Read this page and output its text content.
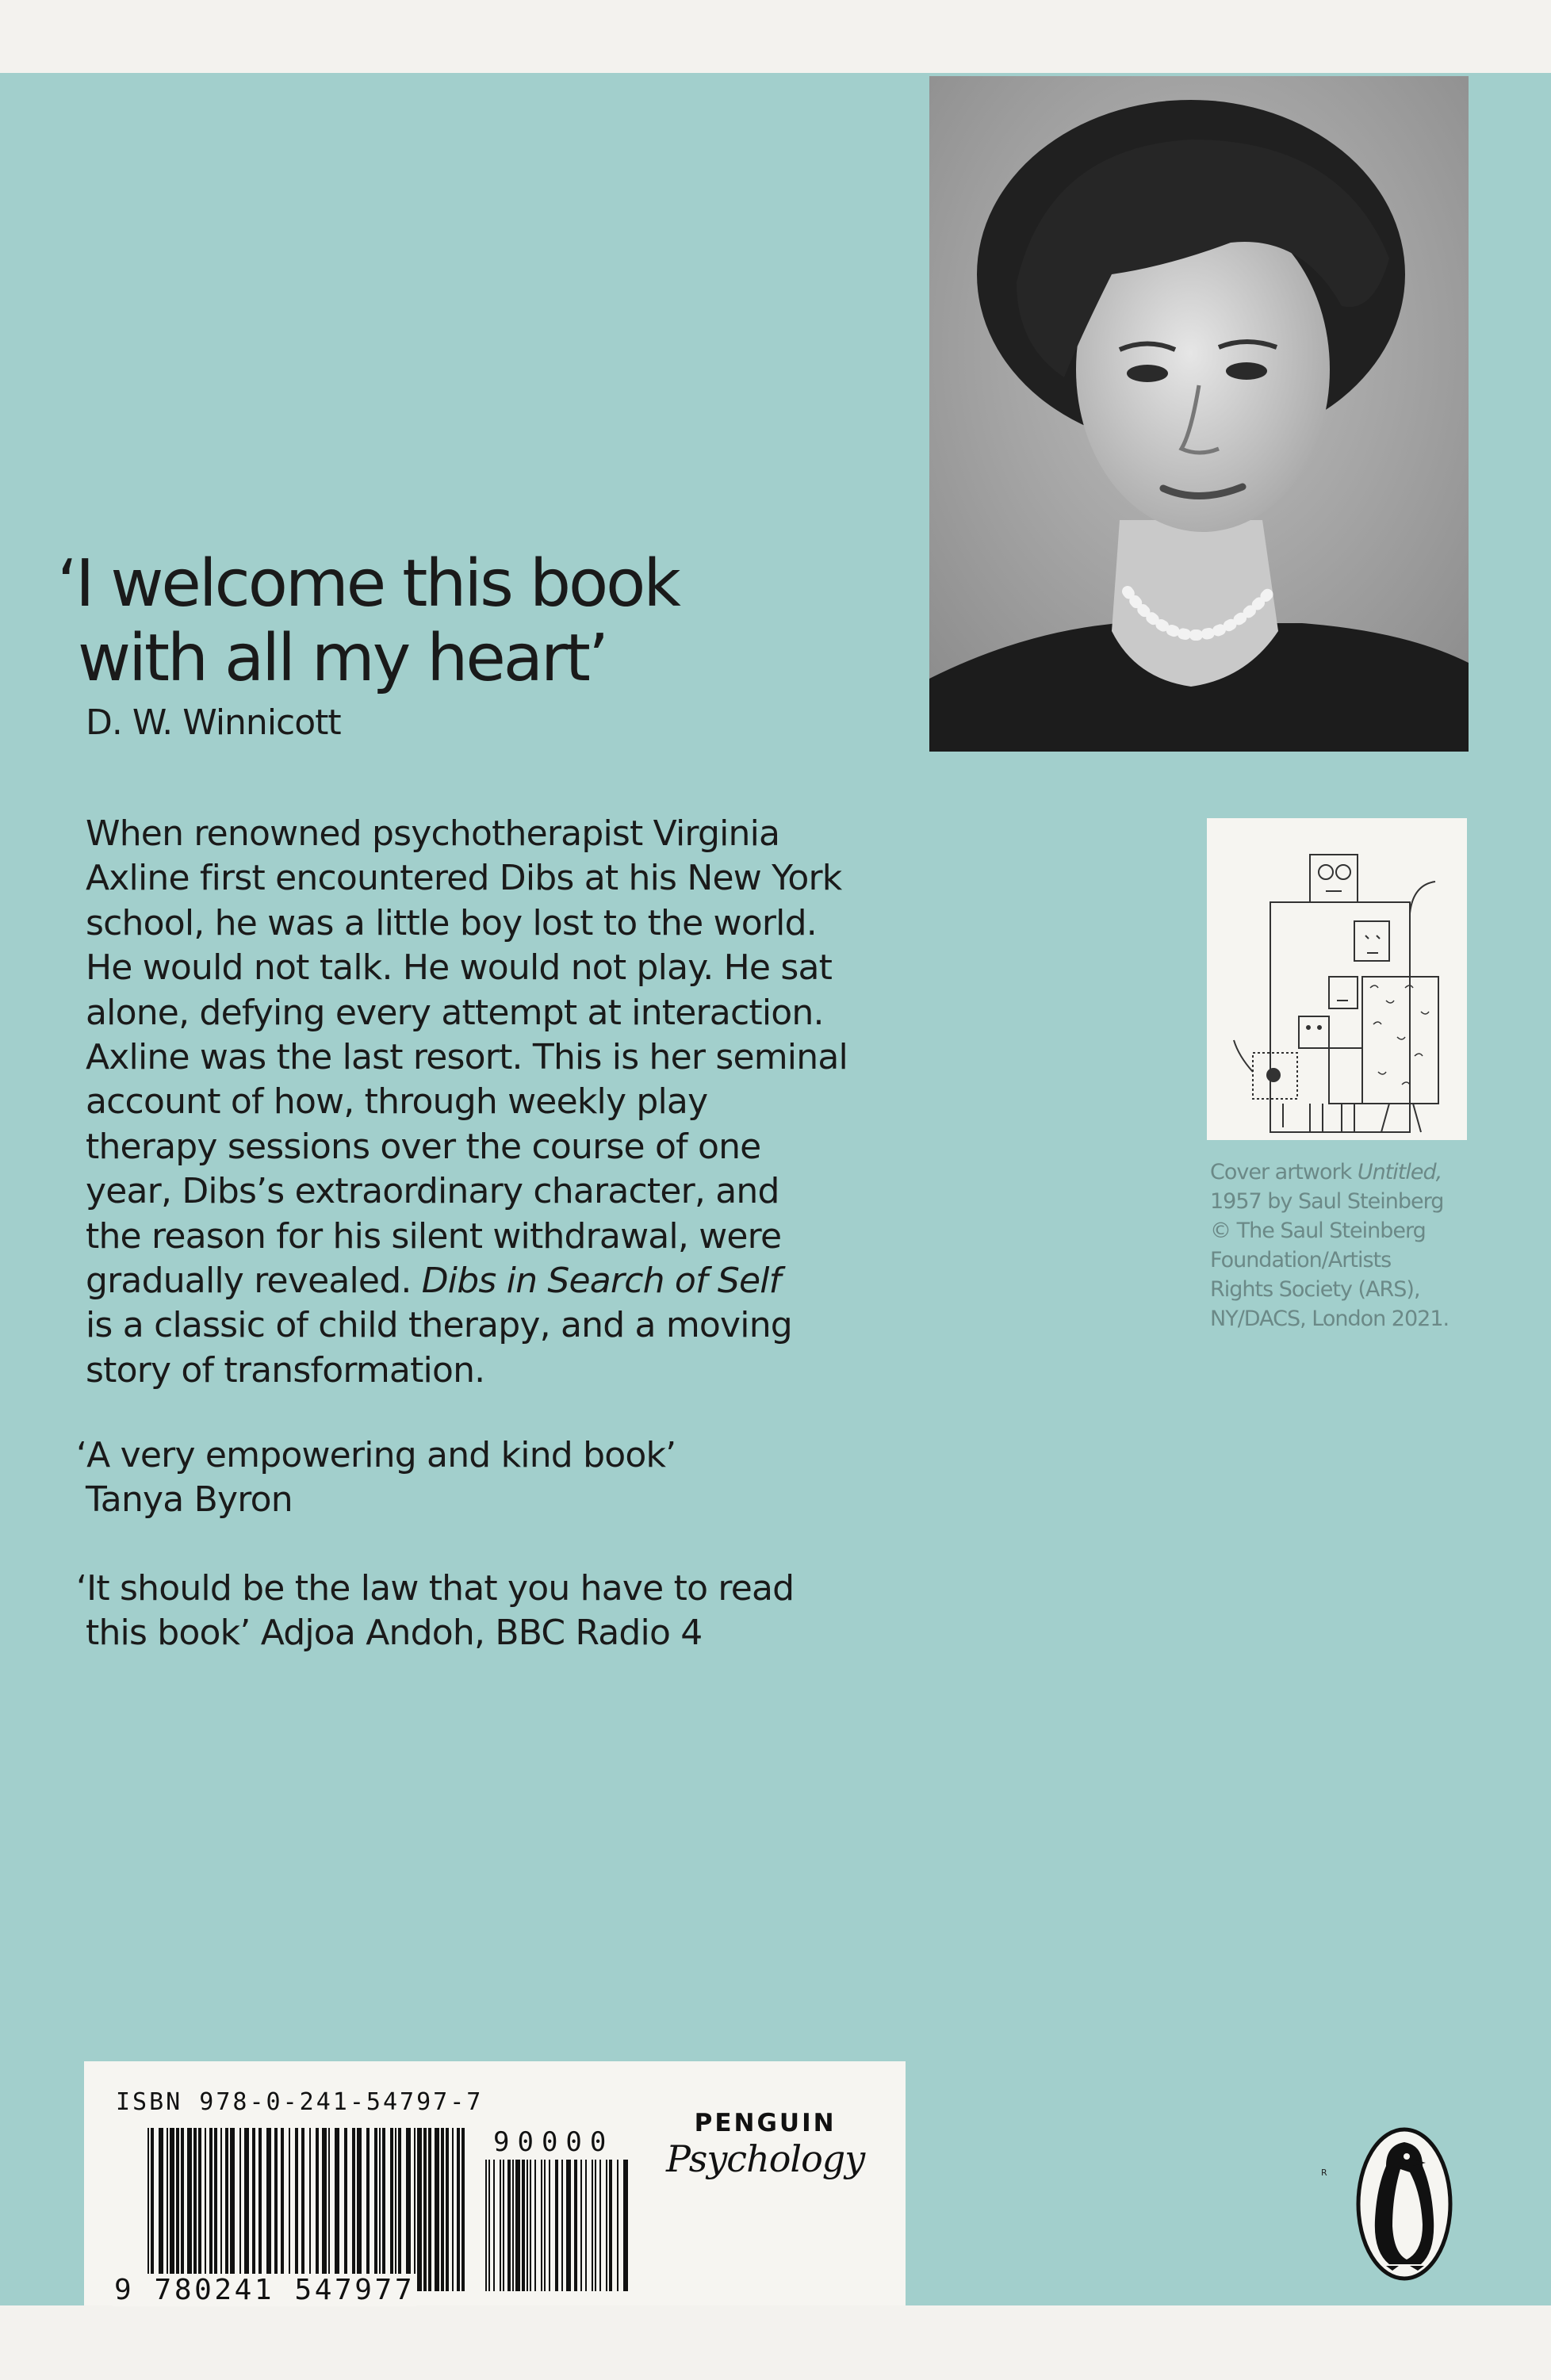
‘I welcome this book
with all my heart’
D. W. Winnicott

When renowned psychotherapist Virginia
Axline first encountered Dibs at his New York
school, he was a little boy lost to the world.
He would not talk. He would not play. He sat
alone, defying every attempt at interaction.
Axline was the last resort. This is her seminal
account of how, through weekly play
therapy sessions over the course of one
year, Dibs’s extraordinary character, and
the reason for his silent withdrawal, were
gradually revealed. Dibs in Search of Self
is a classic of child therapy, and a moving
story of transformation.

‘A very empowering and kind book’
Tanya Byron
‘It should be the law that you have to read
this book’ Adjoa Andoh, BBC Radio 4
Cover artwork Untitled,
1957 by Saul Steinberg
© The Saul Steinberg
Foundation/Artists
Rights Society (ARS),
NY/DACS, London 2021.
ISBN 978-0-241-54797-7
9 780241 547977
90000
PENGUIN
Psychology	R
